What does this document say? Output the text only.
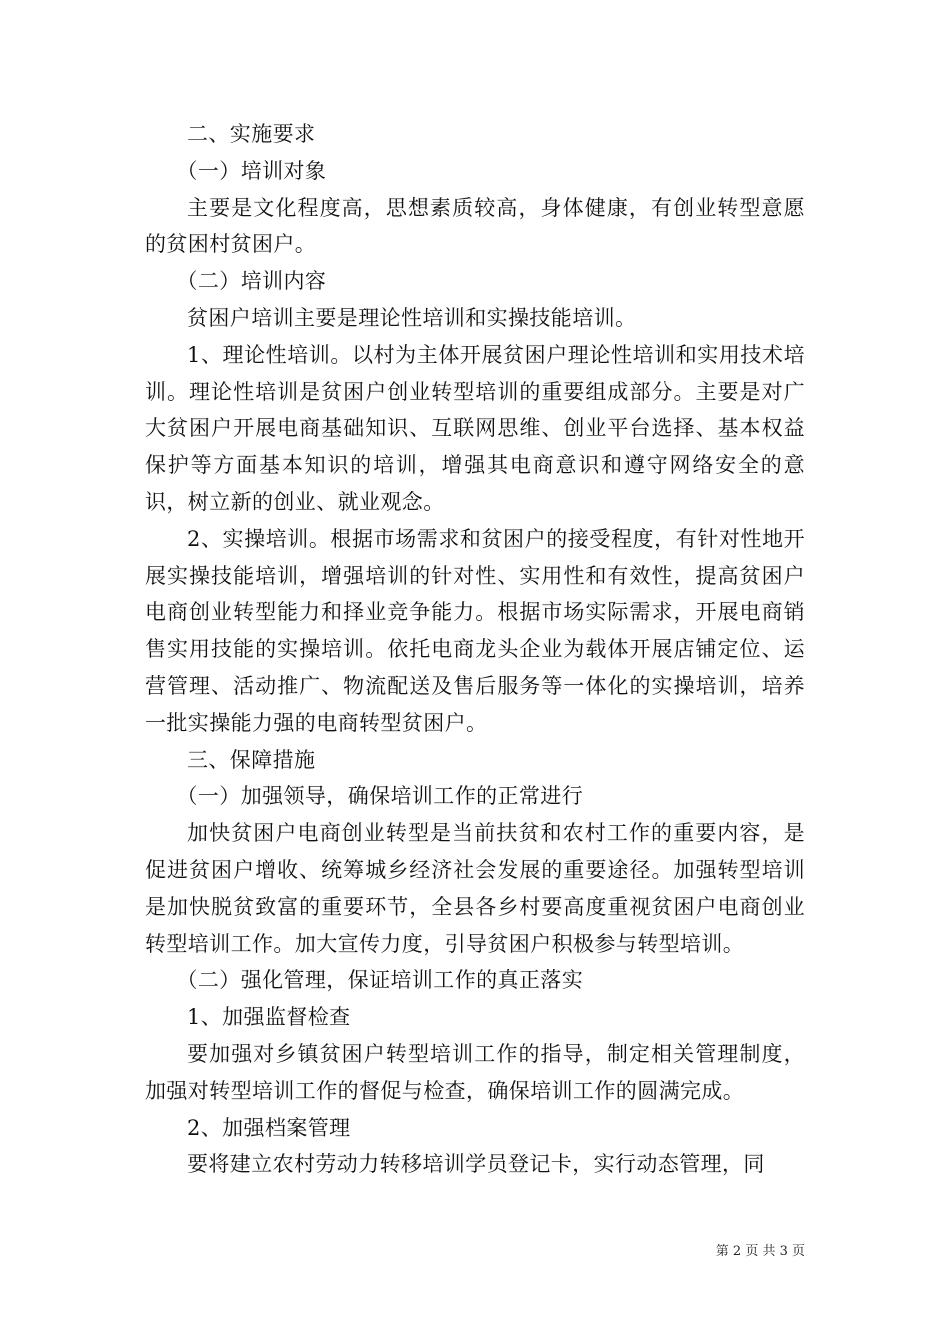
二、实施要求

（一）培训对象

主要是文化程度高，思想素质较高，身体健康，有创业转型意愿的贫困村贫困户。

（二）培训内容

贫困户培训主要是理论性培训和实操技能培训。

1、理论性培训。以村为主体开展贫困户理论性培训和实用技术培训。理论性培训是贫困户创业转型培训的重要组成部分。主要是对广大贫困户开展电商基础知识、互联网思维、创业平台选择、基本权益保护等方面基本知识的培训，增强其电商意识和遵守网络安全的意识，树立新的创业、就业观念。

2、实操培训。根据市场需求和贫困户的接受程度，有针对性地开展实操技能培训，增强培训的针对性、实用性和有效性，提高贫困户电商创业转型能力和择业竞争能力。根据市场实际需求，开展电商销售实用技能的实操培训。依托电商龙头企业为载体开展店铺定位、运营管理、活动推广、物流配送及售后服务等一体化的实操培训，培养一批实操能力强的电商转型贫困户。

三、保障措施

（一）加强领导，确保培训工作的正常进行

加快贫困户电商创业转型是当前扶贫和农村工作的重要内容，是促进贫困户增收、统筹城乡经济社会发展的重要途径。加强转型培训是加快脱贫致富的重要环节，全县各乡村要高度重视贫困户电商创业转型培训工作。加大宣传力度，引导贫困户积极参与转型培训。

（二）强化管理，保证培训工作的真正落实

1、加强监督检查

要加强对乡镇贫困户转型培训工作的指导，制定相关管理制度，加强对转型培训工作的督促与检查，确保培训工作的圆满完成。

2、加强档案管理

要将建立农村劳动力转移培训学员登记卡，实行动态管理，同

第 2 页 共 3 页
